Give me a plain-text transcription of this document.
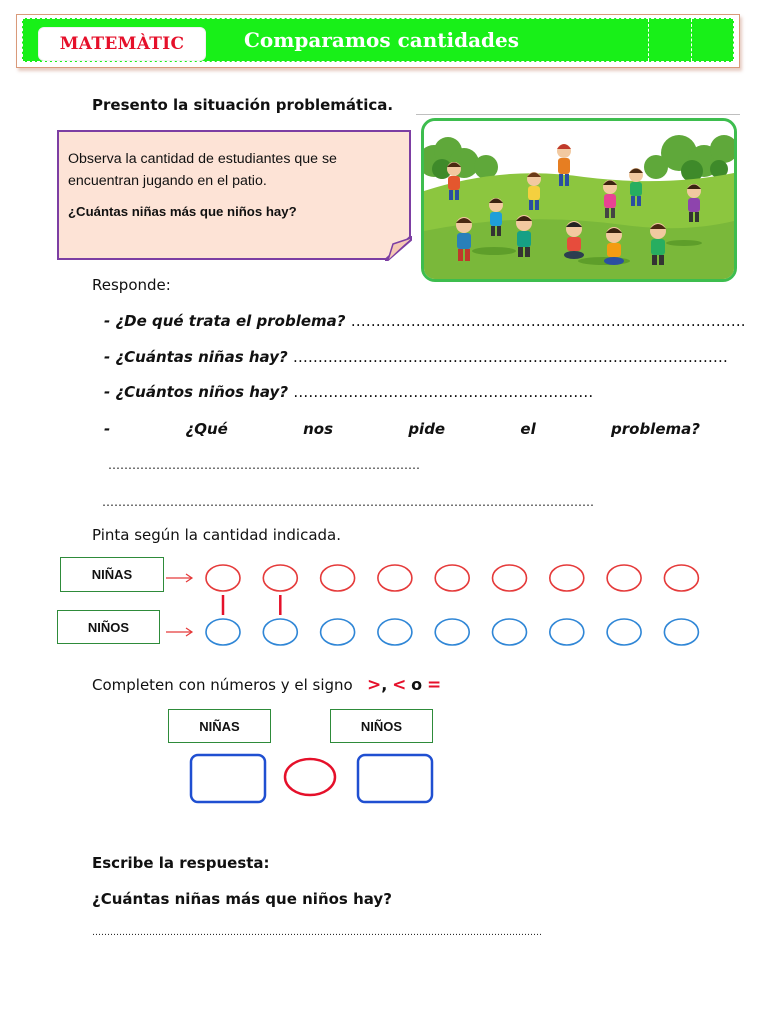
MATEMÀTIC	Comparamos cantidades
Presento la situación problemática.
Observa la cantidad de estudiantes que se encuentran jugando en el patio.
¿Cuántas niñas más que niños hay?
Responde:
- ¿De qué trata el problema? …………………………………………………………………….
- ¿Cuántas niñas hay? ……………………………………………………………………………
- ¿Cuántos niños hay? ……………………………………………………
-	¿Qué	nos	pide	el	problema?
……………………………………………………………………
……………………………………………………………………………………………………………
Pinta según la cantidad indicada.
NIÑAS
NIÑOS
Completen con números y el signo >, < o =
NIÑAS	NIÑOS
Escribe la respuesta:
¿Cuántas niñas más que niños hay?
……………………………………………………………………………………………………………………………………
